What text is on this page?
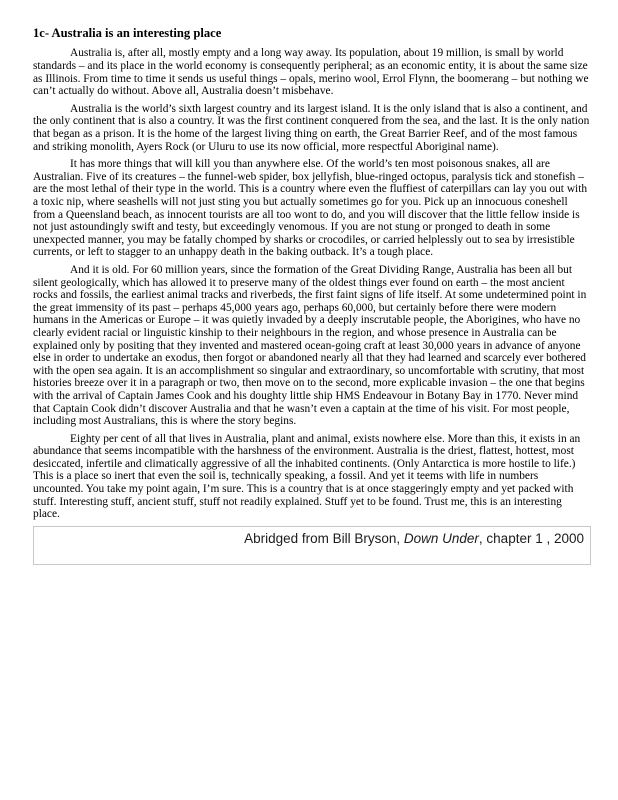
1c- Australia is an interesting place

Australia is, after all, mostly empty and a long way away. Its population, about 19 million, is small by world standards – and its place in the world economy is consequently peripheral; as an economic entity, it is about the same size as Illinois. From time to time it sends us useful things – opals, merino wool, Errol Flynn, the boomerang – but nothing we can’t actually do without. Above all, Australia doesn’t misbehave.

Australia is the world’s sixth largest country and its largest island. It is the only island that is also a continent, and the only continent that is also a country. It was the first continent conquered from the sea, and the last. It is the only nation that began as a prison. It is the home of the largest living thing on earth, the Great Barrier Reef, and of the most famous and striking monolith, Ayers Rock (or Uluru to use its now official, more respectful Aboriginal name).

It has more things that will kill you than anywhere else. Of the world’s ten most poisonous snakes, all are Australian. Five of its creatures – the funnel-web spider, box jellyfish, blue-ringed octopus, paralysis tick and stonefish – are the most lethal of their type in the world. This is a country where even the fluffiest of caterpillars can lay you out with a toxic nip, where seashells will not just sting you but actually sometimes go for you. Pick up an innocuous coneshell from a Queensland beach, as innocent tourists are all too wont to do, and you will discover that the little fellow inside is not just astoundingly swift and testy, but exceedingly venomous. If you are not stung or pronged to death in some unexpected manner, you may be fatally chomped by sharks or crocodiles, or carried helplessly out to sea by irresistible currents, or left to stagger to an unhappy death in the baking outback. It’s a tough place.

And it is old. For 60 million years, since the formation of the Great Dividing Range, Australia has been all but silent geologically, which has allowed it to preserve many of the oldest things ever found on earth – the most ancient rocks and fossils, the earliest animal tracks and riverbeds, the first faint signs of life itself. At some undetermined point in the great immensity of its past – perhaps 45,000 years ago, perhaps 60,000, but certainly before there were modern humans in the Americas or Europe – it was quietly invaded by a deeply inscrutable people, the Aborigines, who have no clearly evident racial or linguistic kinship to their neighbours in the region, and whose presence in Australia can be explained only by positing that they invented and mastered ocean-going craft at least 30,000 years in advance of anyone else in order to undertake an exodus, then forgot or abandoned nearly all that they had learned and scarcely ever bothered with the open sea again. It is an accomplishment so singular and extraordinary, so uncomfortable with scrutiny, that most histories breeze over it in a paragraph or two, then move on to the second, more explicable invasion – the one that begins with the arrival of Captain James Cook and his doughty little ship HMS Endeavour in Botany Bay in 1770. Never mind that Captain Cook didn’t discover Australia and that he wasn’t even a captain at the time of his visit. For most people, including most Australians, this is where the story begins.

Eighty per cent of all that lives in Australia, plant and animal, exists nowhere else. More than this, it exists in an abundance that seems incompatible with the harshness of the environment. Australia is the driest, flattest, hottest, most desiccated, infertile and climatically aggressive of all the inhabited continents. (Only Antarctica is more hostile to life.) This is a place so inert that even the soil is, technically speaking, a fossil. And yet it teems with life in numbers uncounted. You take my point again, I’m sure. This is a country that is at once staggeringly empty and yet packed with stuff. Interesting stuff, ancient stuff, stuff not readily explained. Stuff yet to be found. Trust me, this is an interesting place.

Abridged from Bill Bryson, Down Under, chapter 1 , 2000
